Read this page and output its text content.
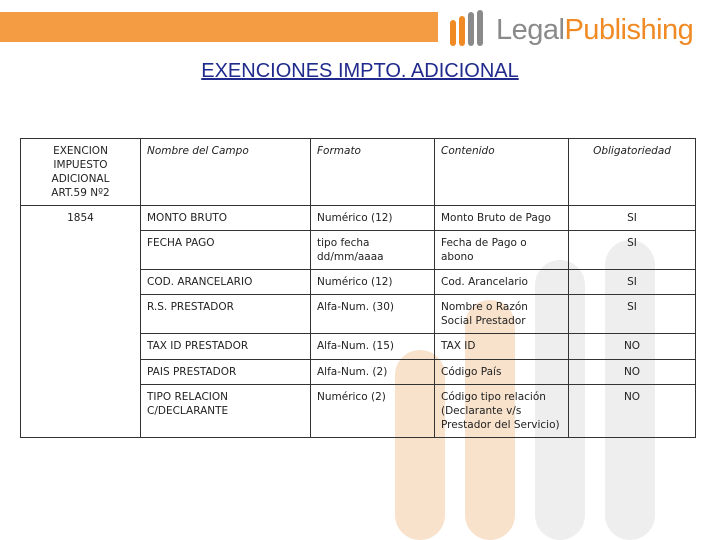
LegalPublishing
EXENCIONES IMPTO. ADICIONAL
EXENCION IMPUESTO
ADICIONAL
ART.59 Nº2	Nombre del Campo	Formato	Contenido	Obligatoriedad
1854	MONTO BRUTO	Numérico (12)	Monto Bruto de Pago	SI
	FECHA PAGO	tipo fecha dd/mm/aaaa	Fecha de Pago o abono	SI
	COD. ARANCELARIO	Numérico (12)	Cod. Arancelario	SI
	R.S. PRESTADOR	Alfa-Num. (30)	Nombre o Razón Social Prestador	SI
	TAX ID PRESTADOR	Alfa-Num. (15)	TAX ID	NO
	PAIS PRESTADOR	Alfa-Num. (2)	Código País	NO
	TIPO RELACION C/DECLARANTE	Numérico (2)	Código tipo relación (Declarante v/s Prestador del Servicio)	NO
